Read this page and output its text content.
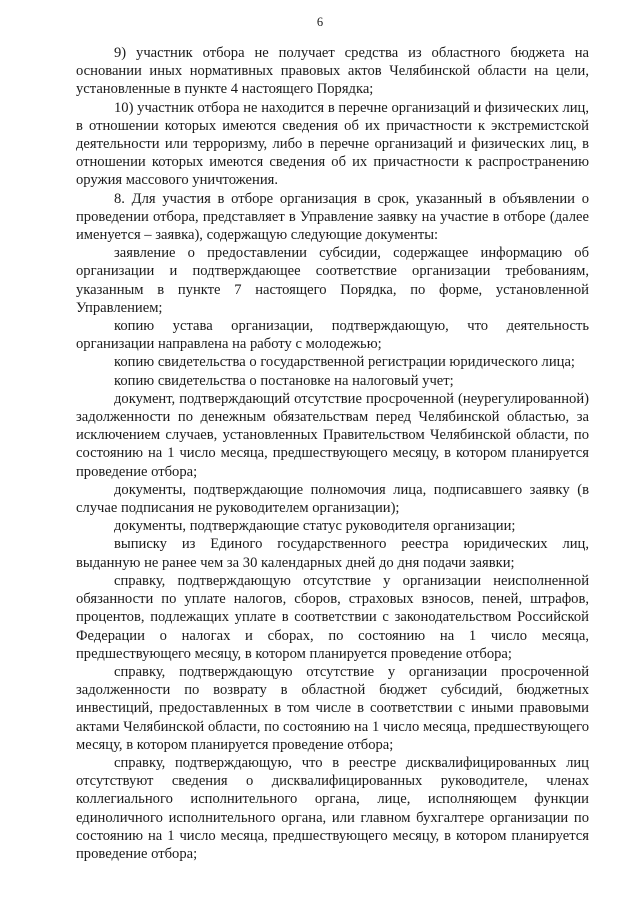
6

9) участник отбора не получает средства из областного бюджета на основании иных нормативных правовых актов Челябинской области на цели, установленные в пункте 4 настоящего Порядка;

10) участник отбора не находится в перечне организаций и физических лиц, в отношении которых имеются сведения об их причастности к экстремистской деятельности или терроризму, либо в перечне организаций и физических лиц, в отношении которых имеются сведения об их причастности к распространению оружия массового уничтожения.

8. Для участия в отборе организация в срок, указанный в объявлении о проведении отбора, представляет в Управление заявку на участие в отборе (далее именуется – заявка), содержащую следующие документы:

заявление о предоставлении субсидии, содержащее информацию об организации и подтверждающее соответствие организации требованиям, указанным в пункте 7 настоящего Порядка, по форме, установленной Управлением;

копию устава организации, подтверждающую, что деятельность организации направлена на работу с молодежью;

копию свидетельства о государственной регистрации юридического лица;

копию свидетельства о постановке на налоговый учет;

документ, подтверждающий отсутствие просроченной (неурегулированной) задолженности по денежным обязательствам перед Челябинской областью, за исключением случаев, установленных Правительством Челябинской области, по состоянию на 1 число месяца, предшествующего месяцу, в котором планируется проведение отбора;

документы, подтверждающие полномочия лица, подписавшего заявку (в случае подписания не руководителем организации);

документы, подтверждающие статус руководителя организации;

выписку из Единого государственного реестра юридических лиц, выданную не ранее чем за 30 календарных дней до дня подачи заявки;

справку, подтверждающую отсутствие у организации неисполненной обязанности по уплате налогов, сборов, страховых взносов, пеней, штрафов, процентов, подлежащих уплате в соответствии с законодательством Российской Федерации о налогах и сборах, по состоянию на 1 число месяца, предшествующего месяцу, в котором планируется проведение отбора;

справку, подтверждающую отсутствие у организации просроченной задолженности по возврату в областной бюджет субсидий, бюджетных инвестиций, предоставленных в том числе в соответствии с иными правовыми актами Челябинской области, по состоянию на 1 число месяца, предшествующего месяцу, в котором планируется проведение отбора;

справку, подтверждающую, что в реестре дисквалифицированных лиц отсутствуют сведения о дисквалифицированных руководителе, членах коллегиального исполнительного органа, лице, исполняющем функции единоличного исполнительного органа, или главном бухгалтере организации по состоянию на 1 число месяца, предшествующего месяцу, в котором планируется проведение отбора;
